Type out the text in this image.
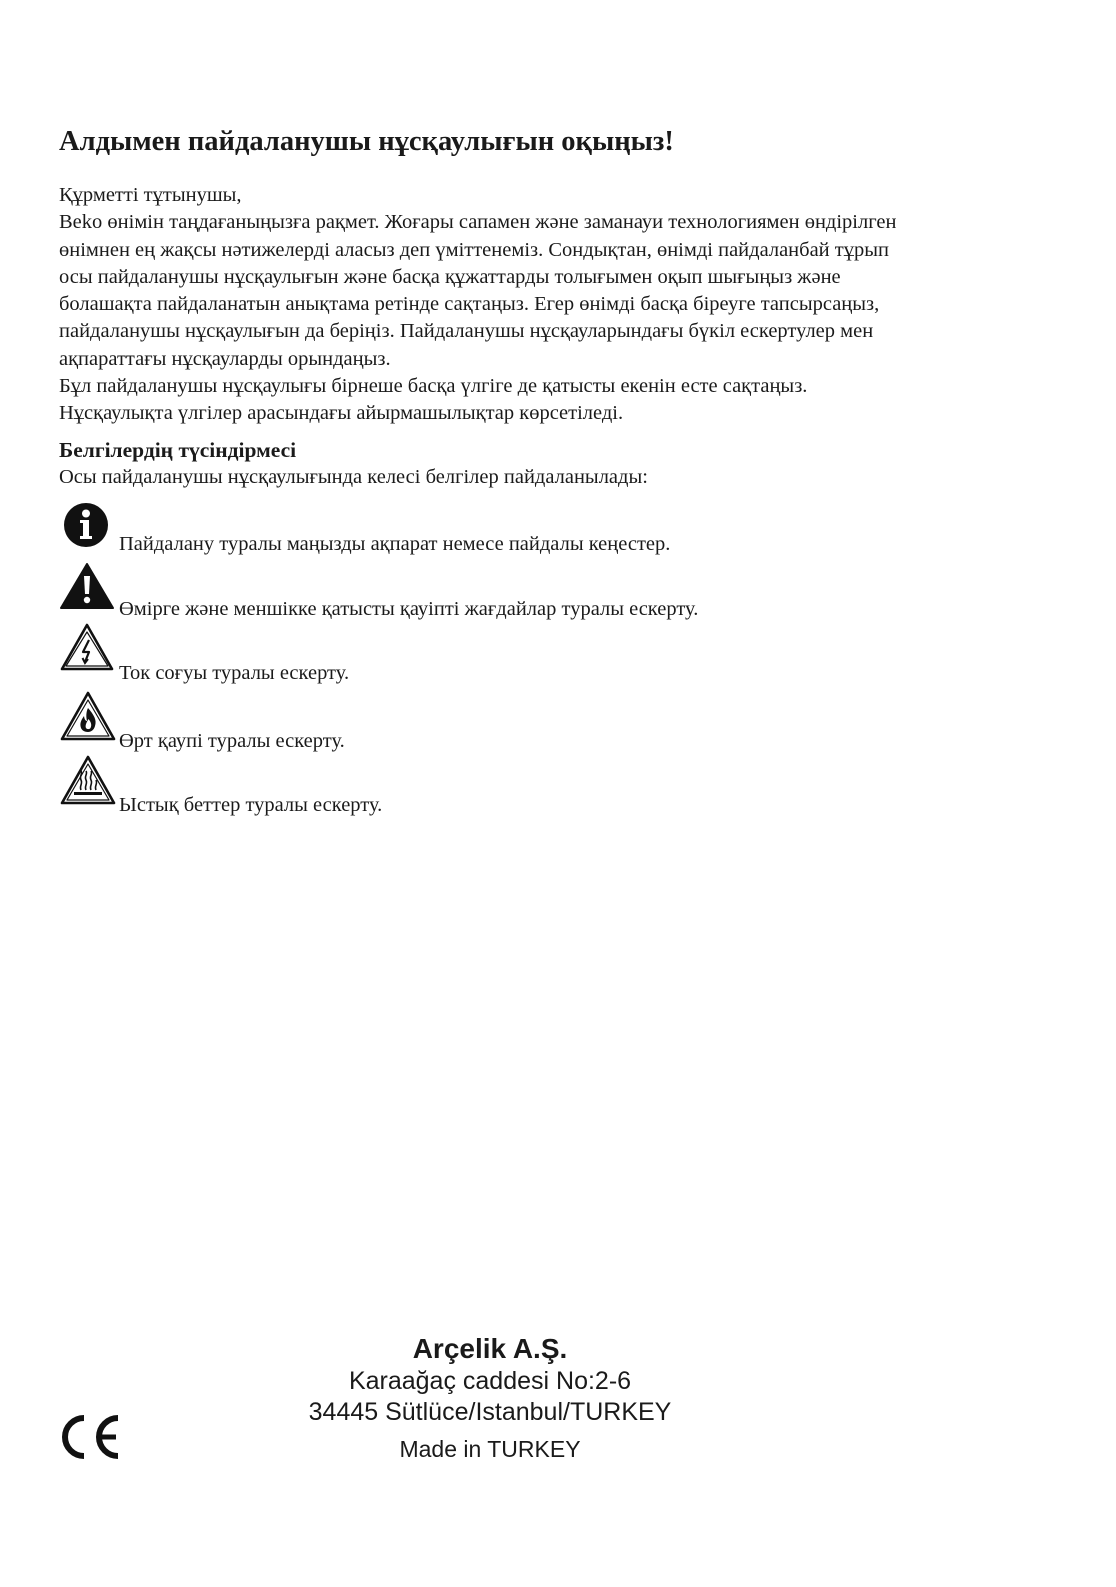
Алдымен пайдаланушы нұсқаулығын оқыңыз!

Құрметті тұтынушы,

Beko өнімін таңдағаныңызға рақмет. Жоғары сапамен және заманауи технологиямен өндірілген

өнімнен ең жақсы нәтижелерді аласыз деп үміттенеміз. Сондықтан, өнімді пайдаланбай тұрып

осы пайдаланушы нұсқаулығын және басқа құжаттарды толығымен оқып шығыңыз және

болашақта пайдаланатын анықтама ретінде сақтаңыз. Егер өнімді басқа біреуге тапсырсаңыз,

пайдаланушы нұсқаулығын да беріңіз. Пайдаланушы нұсқауларындағы бүкіл ескертулер мен

ақпараттағы нұсқауларды орындаңыз.

Бұл пайдаланушы нұсқаулығы бірнеше басқа үлгіге де қатысты екенін есте сақтаңыз.

Нұсқаулықта үлгілер арасындағы айырмашылықтар көрсетіледі.

Белгілердің түсіндірмесі

Осы пайдаланушы нұсқаулығында келесі белгілер пайдаланылады:

Пайдалану туралы маңызды ақпарат немесе пайдалы кеңестер.
Өмірге және меншікке қатысты қауіпті жағдайлар туралы ескерту.
Ток соғуы туралы ескерту.
Өрт қаупі туралы ескерту.
Ыстық беттер туралы ескерту.

Arçelik A.Ş.

Karaağaç caddesi No:2-6

34445 Sütlüce/Istanbul/TURKEY

Made in TURKEY
